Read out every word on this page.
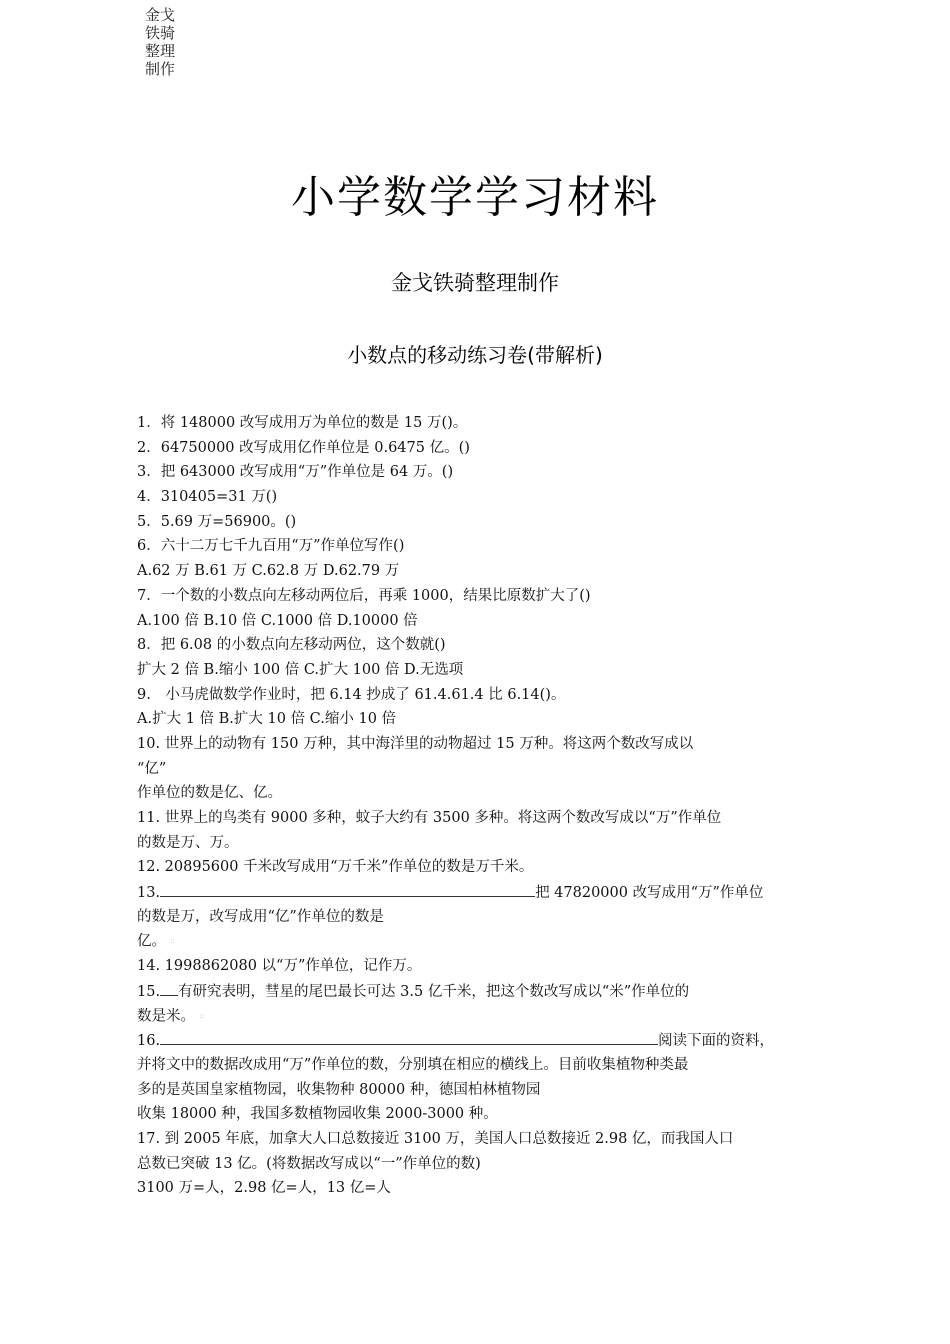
金戈
铁骑
整理
制作
小学数学学习材料
金戈铁骑整理制作
小数点的移动练习卷(带解析)
1．将 148000 改写成用万为单位的数是 15 万()。
2．64750000 改写成用亿作单位是 0.6475 亿。()
3．把 643000 改写成用“万”作单位是 64 万。()
4．310405=31 万()
5．5.69 万=56900。()
6．六十二万七千九百用“万”作单位写作()
A.62 万 B.61 万 C.62.8 万 D.62.79 万
7．一个数的小数点向左移动两位后，再乘 1000，结果比原数扩大了()
A.100 倍 B.10 倍 C.1000 倍 D.10000 倍
8．把 6.08 的小数点向左移动两位，这个数就()
扩大 2 倍 B.缩小 100 倍 C.扩大 100 倍 D.无选项
9.　小马虎做数学作业时，把 6.14 抄成了 61.4.61.4 比 6.14()。
A.扩大 1 倍 B.扩大 10 倍 C.缩小 10 倍
10. 世界上的动物有 150 万种，其中海洋里的动物超过 15 万种。将这两个数改写成以
“亿”
作单位的数是亿、亿。
11. 世界上的鸟类有 9000 多种，蚊子大约有 3500 多种。将这两个数改写成以“万”作单位
的数是万、万。
12. 20895600 千米改写成用“万千米”作单位的数是万千米。
13.	把 47820000 改写成用“万”作单位
的数是万，改写成用“亿”作单位的数是
亿。 ::
14. 1998862080 以“万”作单位，记作万。
15. 有研究表明，彗星的尾巴最长可达 3.5 亿千米，把这个数改写成以“米”作单位的
数是米。 ::
16.	阅读下面的资料，
并将文中的数据改成用“万”作单位的数，分别填在相应的横线上。目前收集植物种类最
多的是英国皇家植物园，收集物种 80000 种，德国柏林植物园
收集 18000 种，我国多数植物园收集 2000-3000 种。
17. 到 2005 年底，加拿大人口总数接近 3100 万，美国人口总数接近 2.98 亿，而我国人口
总数已突破 13 亿。(将数据改写成以“一”作单位的数)
3100 万=人，2.98 亿=人，13 亿=人
